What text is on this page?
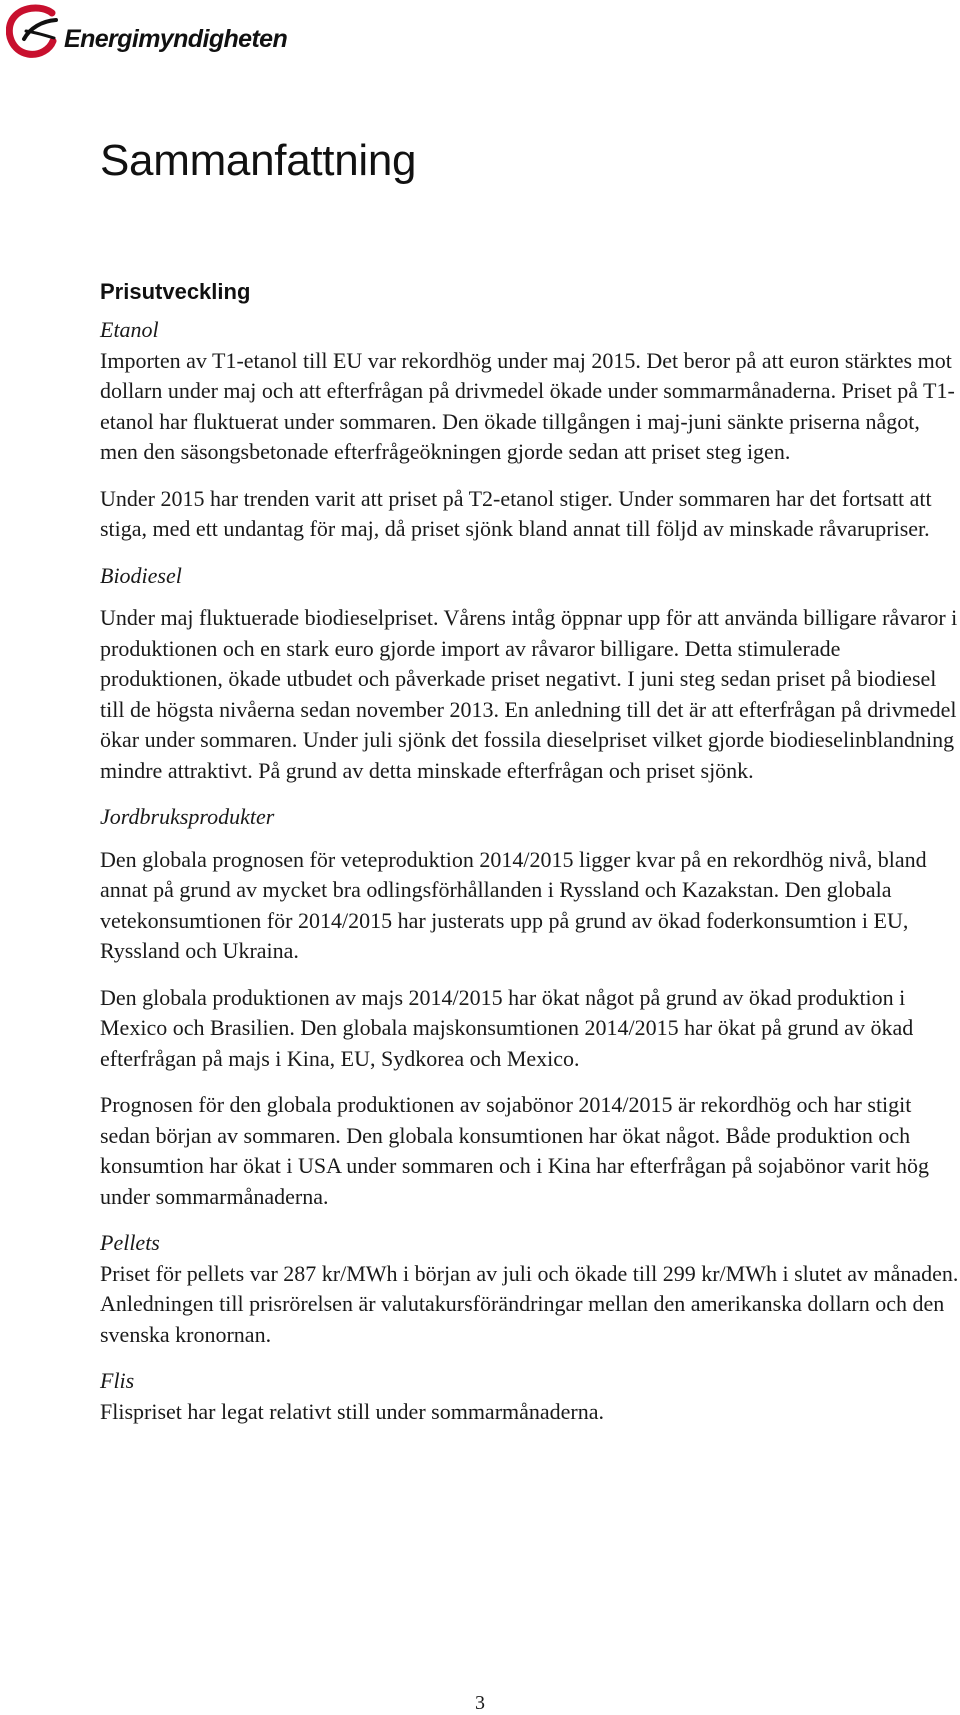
Energimyndigheten
Sammanfattning
Prisutveckling
Etanol

Importen av T1-etanol till EU var rekordhög under maj 2015. Det beror på att euron stärktes mot dollarn under maj och att efterfrågan på drivmedel ökade under sommarmånaderna. Priset på T1-etanol har fluktuerat under sommaren. Den ökade tillgången i maj-juni sänkte priserna något, men den säsongsbetonade efterfrågeökningen gjorde sedan att priset steg igen.

Under 2015 har trenden varit att priset på T2-etanol stiger. Under sommaren har det fortsatt att stiga, med ett undantag för maj, då priset sjönk bland annat till följd av minskade råvarupriser.

Biodiesel

Under maj fluktuerade biodieselpriset. Vårens intåg öppnar upp för att använda billigare råvaror i produktionen och en stark euro gjorde import av råvaror billigare. Detta stimulerade produktionen, ökade utbudet och påverkade priset negativt. I juni steg sedan priset på biodiesel till de högsta nivåerna sedan november 2013. En anledning till det är att efterfrågan på drivmedel ökar under sommaren. Under juli sjönk det fossila dieselpriset vilket gjorde biodieselinblandning mindre attraktivt. På grund av detta minskade efterfrågan och priset sjönk.

Jordbruksprodukter

Den globala prognosen för veteproduktion 2014/2015 ligger kvar på en rekordhög nivå, bland annat på grund av mycket bra odlingsförhållanden i Ryssland och Kazakstan. Den globala vetekonsumtionen för 2014/2015 har justerats upp på grund av ökad foderkonsumtion i EU, Ryssland och Ukraina.

Den globala produktionen av majs 2014/2015 har ökat något på grund av ökad produktion i Mexico och Brasilien. Den globala majskonsumtionen 2014/2015 har ökat på grund av ökad efterfrågan på majs i Kina, EU, Sydkorea och Mexico.

Prognosen för den globala produktionen av sojabönor 2014/2015 är rekordhög och har stigit sedan början av sommaren. Den globala konsumtionen har ökat något. Både produktion och konsumtion har ökat i USA under sommaren och i Kina har efterfrågan på sojabönor varit hög under sommarmånaderna.

Pellets

Priset för pellets var 287 kr/MWh i början av juli och ökade till 299 kr/MWh i slutet av månaden. Anledningen till prisrörelsen är valutakursförändringar mellan den amerikanska dollarn och den svenska kronornan.

Flis

Flispriset har legat relativt still under sommarmånaderna.

3
